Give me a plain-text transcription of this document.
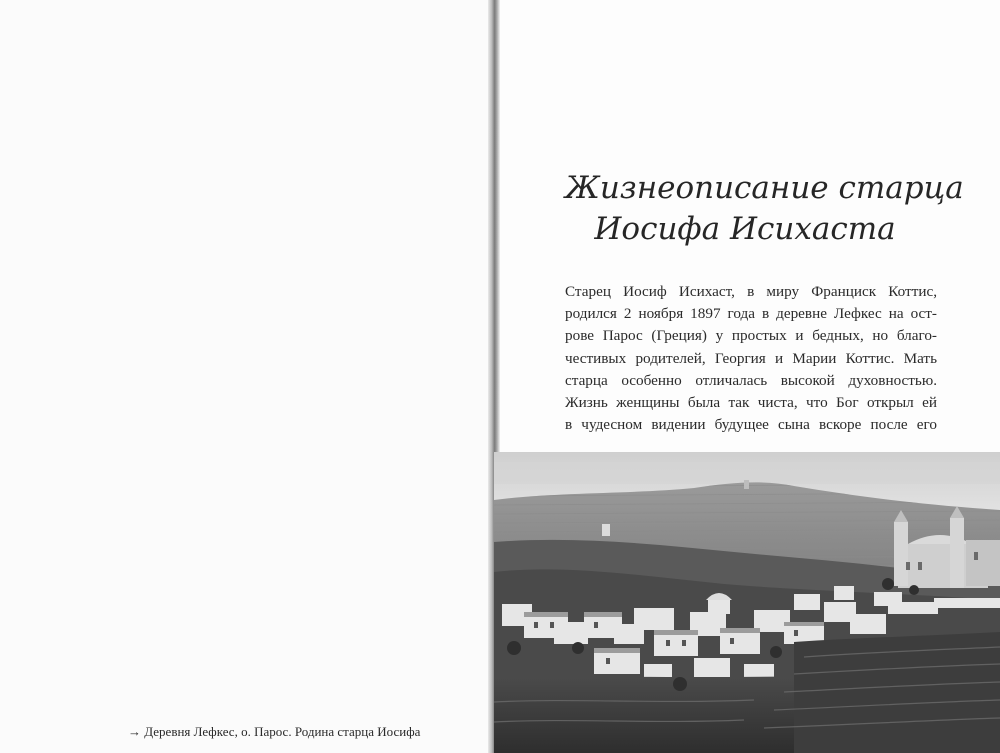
→ Деревня Лефкес, о. Парос. Родина старца Иосифа
Жизнеописание старца
Иосифа Исихаста
Старец Иосиф Исихаст, в миру Франциск Коттис,
родился 2 ноября 1897 года в деревне Лефкес на ост-
рове Парос (Греция) у простых и бедных, но благо-
честивых родителей, Георгия и Марии Коттис. Мать
старца особенно отличалась высокой духовностью.
Жизнь женщины была так чиста, что Бог открыл ей
в чудесном видении будущее сына вскоре после его
